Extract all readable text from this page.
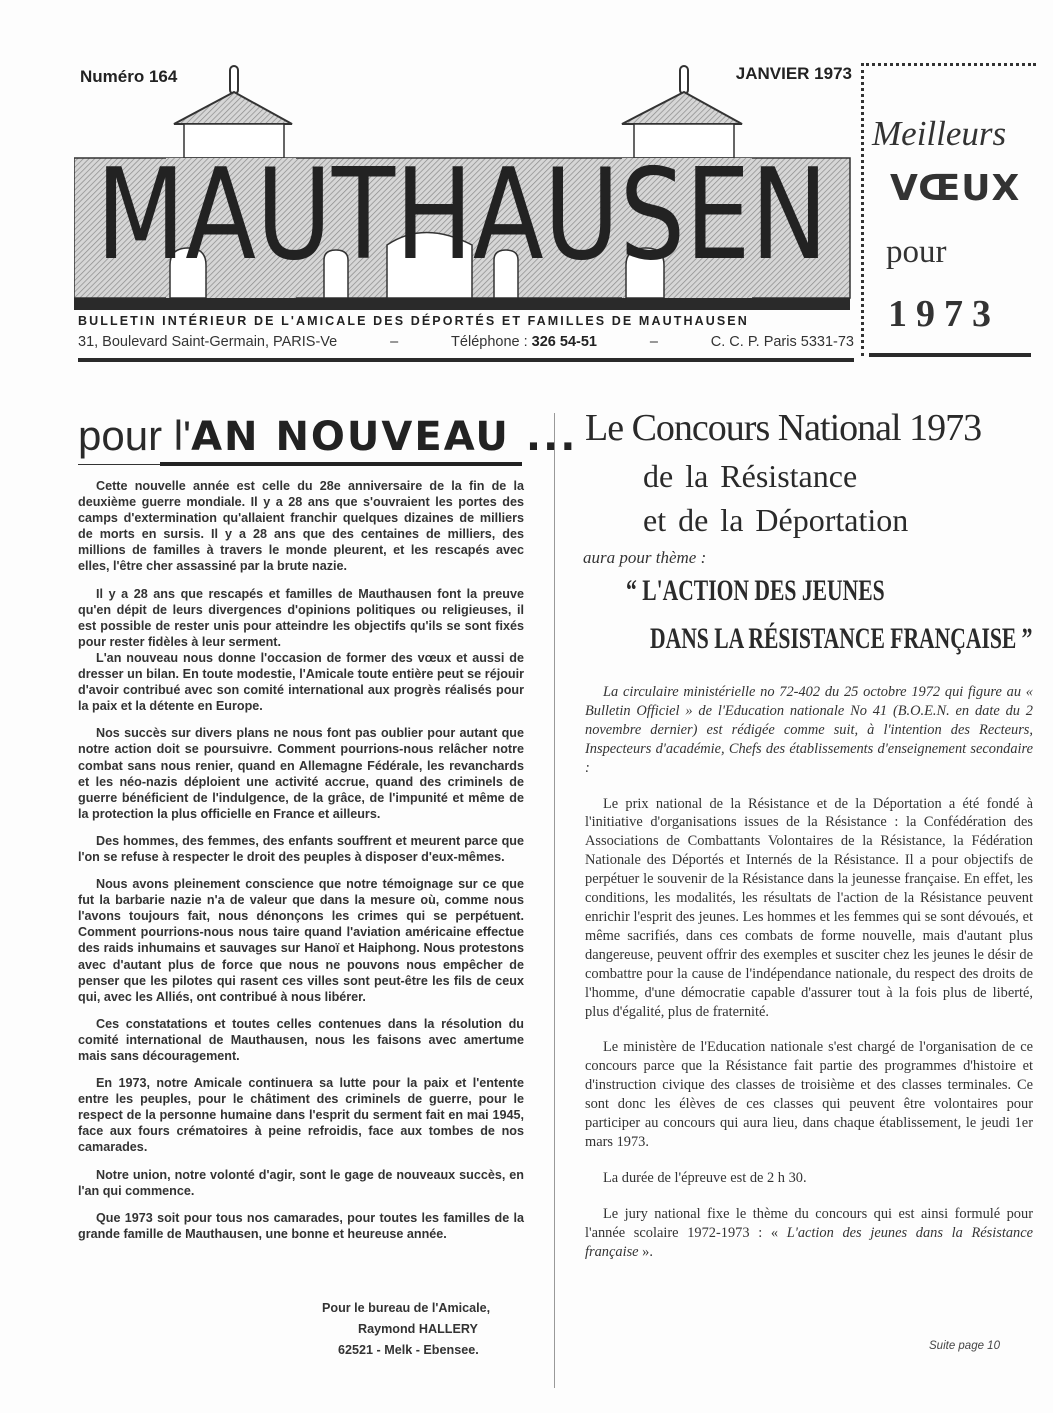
MAUTHAUSEN
Numéro 164	JANVIER 1973
BULLETIN INTÉRIEUR DE L'AMICALE DES DÉPORTÉS ET FAMILLES DE MAUTHAUSEN
31, Boulevard Saint-Germain, PARIS-Ve	–	Téléphone : 326 54-51	–	C. C. P. Paris 5331-73
Meilleurs
VŒUX
pour
1973
pour l'AN NOUVEAU ...

Cette nouvelle année est celle du 28e anniversaire de la fin de la deuxième guerre mondiale. Il y a 28 ans que s'ouvraient les portes des camps d'extermination qu'allaient franchir quelques dizaines de milliers de morts en sursis. Il y a 28 ans que des centaines de milliers, des millions de familles à travers le monde pleurent, et les rescapés avec elles, l'être cher assassiné par la brute nazie.

Il y a 28 ans que rescapés et familles de Mauthausen font la preuve qu'en dépit de leurs divergences d'opinions politiques ou religieuses, il est possible de rester unis pour atteindre les objectifs qu'ils se sont fixés pour rester fidèles à leur serment.

L'an nouveau nous donne l'occasion de former des vœux et aussi de dresser un bilan. En toute modestie, l'Amicale toute entière peut se réjouir d'avoir contribué avec son comité international aux progrès réalisés pour la paix et la détente en Europe.

Nos succès sur divers plans ne nous font pas oublier pour autant que notre action doit se poursuivre. Comment pourrions-nous relâcher notre combat sans nous renier, quand en Allemagne Fédérale, les revanchards et les néo-nazis déploient une activité accrue, quand des criminels de guerre bénéficient de l'indulgence, de la grâce, de l'impunité et même de la protection la plus officielle en France et ailleurs.

Des hommes, des femmes, des enfants souffrent et meurent parce que l'on se refuse à respecter le droit des peuples à disposer d'eux-mêmes.

Nous avons pleinement conscience que notre témoignage sur ce que fut la barbarie nazie n'a de valeur que dans la mesure où, comme nous l'avons toujours fait, nous dénonçons les crimes qui se perpétuent. Comment pourrions-nous nous taire quand l'aviation américaine effectue des raids inhumains et sauvages sur Hanoï et Haiphong. Nous protestons avec d'autant plus de force que nous ne pouvons nous empêcher de penser que les pilotes qui rasent ces villes sont peut-être les fils de ceux qui, avec les Alliés, ont contribué à nous libérer.

Ces constatations et toutes celles contenues dans la résolution du comité international de Mauthausen, nous les faisons avec amertume mais sans découragement.

En 1973, notre Amicale continuera sa lutte pour la paix et l'entente entre les peuples, pour le châtiment des criminels de guerre, pour le respect de la personne humaine dans l'esprit du serment fait en mai 1945, face aux fours crématoires à peine refroidis, face aux tombes de nos camarades.

Notre union, notre volonté d'agir, sont le gage de nouveaux succès, en l'an qui commence.

Que 1973 soit pour tous nos camarades, pour toutes les familles de la grande famille de Mauthausen, une bonne et heureuse année.

Pour le bureau de l'Amicale,
Raymond HALLERY
62521 - Melk - Ebensee.
Le Concours National 1973
de la Résistance
et de la Déportation
aura pour thème :
“ L'ACTION DES JEUNES
DANS LA RÉSISTANCE FRANÇAISE ”

La circulaire ministérielle no 72-402 du 25 octobre 1972 qui figure au « Bulletin Officiel » de l'Education nationale No 41 (B.O.E.N. en date du 2 novembre dernier) est rédigée comme suit, à l'intention des Recteurs, Inspecteurs d'académie, Chefs des établissements d'enseignement secondaire :

Le prix national de la Résistance et de la Déportation a été fondé à l'initiative d'organisations issues de la Résistance : la Confédération des Associations de Combattants Volontaires de la Résistance, la Fédération Nationale des Déportés et Internés de la Résistance. Il a pour objectifs de perpétuer le souvenir de la Résistance dans la jeunesse française. En effet, les conditions, les modalités, les résultats de l'action de la Résistance peuvent enrichir l'esprit des jeunes. Les hommes et les femmes qui se sont dévoués, et même sacrifiés, dans ces combats de forme nouvelle, mais d'autant plus dangereuse, peuvent offrir des exemples et susciter chez les jeunes le désir de combattre pour la cause de l'indépendance nationale, du respect des droits de l'homme, d'une démocratie capable d'assurer tout à la fois plus de liberté, plus d'égalité, plus de fraternité.

Le ministère de l'Education nationale s'est chargé de l'organisation de ce concours parce que la Résistance fait partie des programmes d'histoire et d'instruction civique des classes de troisième et des classes terminales. Ce sont donc les élèves de ces classes qui peuvent être volontaires pour participer au concours qui aura lieu, dans chaque établissement, le jeudi 1er mars 1973.

La durée de l'épreuve est de 2 h 30.

Le jury national fixe le thème du concours qui est ainsi formulé pour l'année scolaire 1972-1973 : « L'action des jeunes dans la Résistance française ».

Suite page 10
